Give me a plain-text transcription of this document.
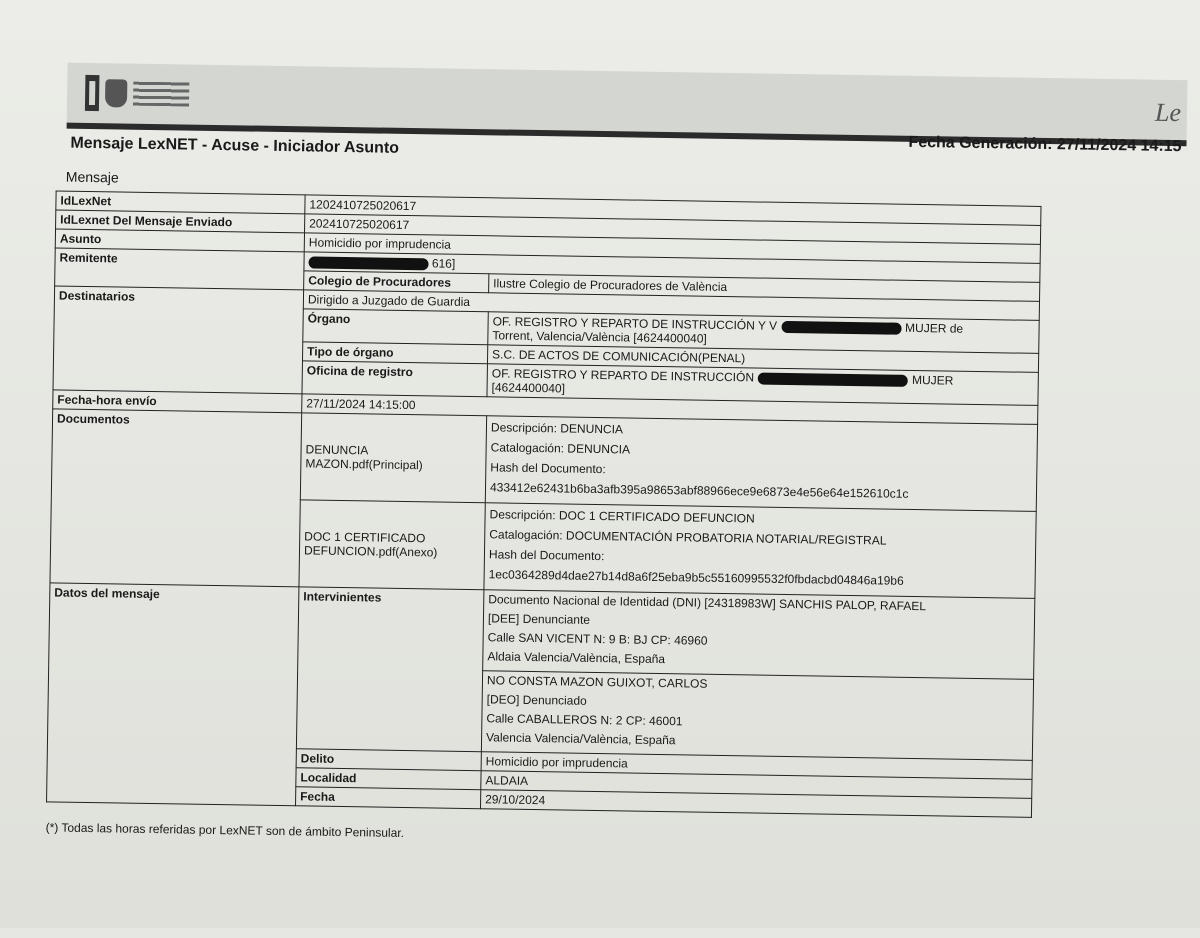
Le
Mensaje LexNET - Acuse - Iniciador Asunto	Fecha Generación: 27/11/2024 14:15
Mensaje
IdLexNet	1202410725020617	
IdLexnet Del Mensaje Enviado	202410725020617	
Asunto	Homicidio por imprudencia	
Remitente	616]	
	Colegio de Procuradores	Ilustre Colegio de Procuradores de València
Destinatarios	Dirigido a Juzgado de Guardia	
	Órgano	OF. REGISTRO Y REPARTO DE INSTRUCCIÓN Y V MUJER de
Torrent, Valencia/València [4624400040]
	Tipo de órgano	S.C. DE ACTOS DE COMUNICACIÓN(PENAL)
	Oficina de registro	OF. REGISTRO Y REPARTO DE INSTRUCCIÓN MUJER
[4624400040]
Fecha-hora envío	27/11/2024 14:15:00	
Documentos	DENUNCIA MAZON.pdf(Principal)	Descripción: DENUNCIA
Catalogación: DENUNCIA
Hash del Documento:
433412e62431b6ba3afb395a98653abf88966ece9e6873e4e56e64e152610c1c

	DOC 1 CERTIFICADO DEFUNCION.pdf(Anexo)	Descripción: DOC 1 CERTIFICADO DEFUNCION
Catalogación: DOCUMENTACIÓN PROBATORIA NOTARIAL/REGISTRAL
Hash del Documento:
1ec0364289d4dae27b14d8a6f25eba9b5c55160995532f0fbdacbd04846a19b6

Datos del mensaje	Intervinientes	Documento Nacional de Identidad (DNI) [24318983W] SANCHIS PALOP, RAFAEL
[DEE] Denunciante
Calle SAN VICENT N: 9 B: BJ CP: 46960
Aldaia Valencia/València, España

		NO CONSTA MAZON GUIXOT, CARLOS
[DEO] Denunciado
Calle CABALLEROS N: 2 CP: 46001
Valencia Valencia/València, España

	Delito	Homicidio por imprudencia
	Localidad	ALDAIA
	Fecha	29/10/2024
(*) Todas las horas referidas por LexNET son de ámbito Peninsular.
